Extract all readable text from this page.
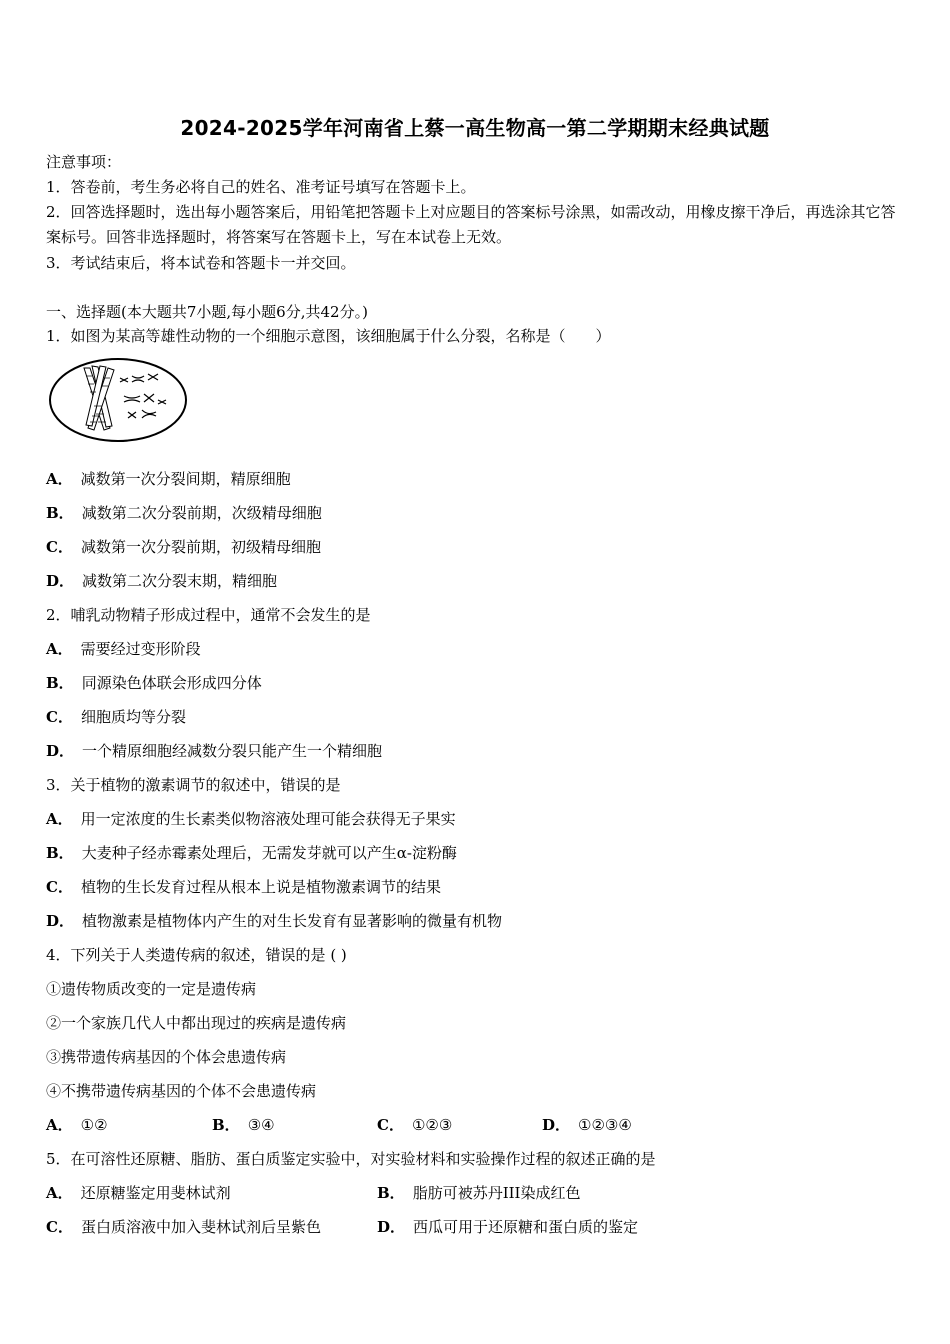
2024-2025学年河南省上蔡一高生物高一第二学期期末经典试题
注意事项：
1．答卷前，考生务必将自己的姓名、准考证号填写在答题卡上。
2．回答选择题时，选出每小题答案后，用铅笔把答题卡上对应题目的答案标号涂黑，如需改动，用橡皮擦干净后，再选涂其它答案标号。回答非选择题时，将答案写在答题卡上，写在本试卷上无效。
3．考试结束后，将本试卷和答题卡一并交回。
一、选择题(本大题共7小题,每小题6分,共42分。)
1．如图为某高等雄性动物的一个细胞示意图，该细胞属于什么分裂，名称是（　　）
A． 减数第一次分裂间期，精原细胞
B． 减数第二次分裂前期，次级精母细胞
C． 减数第一次分裂前期，初级精母细胞
D． 减数第二次分裂末期，精细胞
2．哺乳动物精子形成过程中，通常不会发生的是
A． 需要经过变形阶段
B． 同源染色体联会形成四分体
C． 细胞质均等分裂
D． 一个精原细胞经减数分裂只能产生一个精细胞
3．关于植物的激素调节的叙述中，错误的是
A． 用一定浓度的生长素类似物溶液处理可能会获得无子果实
B． 大麦种子经赤霉素处理后，无需发芽就可以产生α-淀粉酶
C． 植物的生长发育过程从根本上说是植物激素调节的结果
D． 植物激素是植物体内产生的对生长发育有显著影响的微量有机物
4．下列关于人类遗传病的叙述，错误的是 ( )
①遗传物质改变的一定是遗传病
②一个家族几代人中都出现过的疾病是遗传病
③携带遗传病基因的个体会患遗传病
④不携带遗传病基因的个体不会患遗传病
A． ①②	B． ③④	C． ①②③	D． ①②③④
5．在可溶性还原糖、脂肪、蛋白质鉴定实验中，对实验材料和实验操作过程的叙述正确的是
A． 还原糖鉴定用斐林试剂	B． 脂肪可被苏丹III染成红色
C． 蛋白质溶液中加入斐林试剂后呈紫色	D． 西瓜可用于还原糖和蛋白质的鉴定
